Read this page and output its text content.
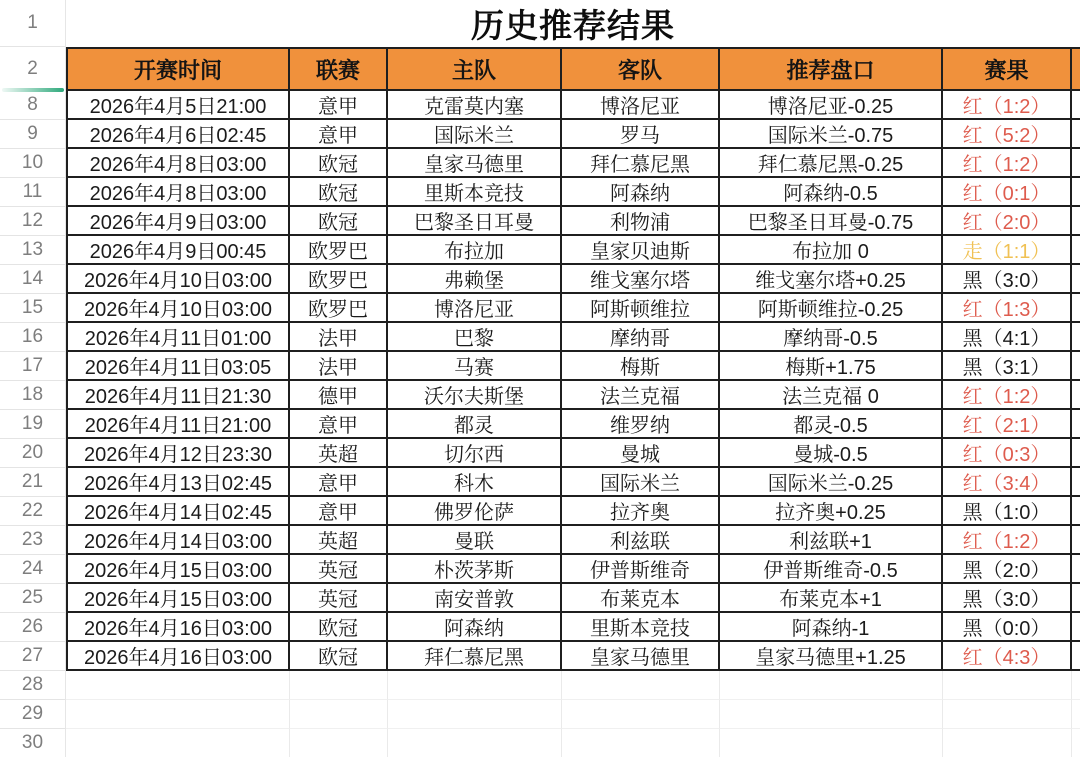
1
2
8
9
10
11
12
13
14
15
16
17
18
19
20
21
22
23
24
25
26
27
28
29
30
历史推荐结果
开赛时间	联赛	主队	客队	推荐盘口	赛果
2026年4月5日21:00	意甲	克雷莫内塞	博洛尼亚	博洛尼亚-0.25	红（1:2）
2026年4月6日02:45	意甲	国际米兰	罗马	国际米兰-0.75	红（5:2）
2026年4月8日03:00	欧冠	皇家马德里	拜仁慕尼黑	拜仁慕尼黑-0.25	红（1:2）
2026年4月8日03:00	欧冠	里斯本竞技	阿森纳	阿森纳-0.5	红（0:1）
2026年4月9日03:00	欧冠	巴黎圣日耳曼	利物浦	巴黎圣日耳曼-0.75	红（2:0）
2026年4月9日00:45	欧罗巴	布拉加	皇家贝迪斯	布拉加 0	走（1:1）
2026年4月10日03:00	欧罗巴	弗赖堡	维戈塞尔塔	维戈塞尔塔+0.25	黑（3:0）
2026年4月10日03:00	欧罗巴	博洛尼亚	阿斯顿维拉	阿斯顿维拉-0.25	红（1:3）
2026年4月11日01:00	法甲	巴黎	摩纳哥	摩纳哥-0.5	黑（4:1）
2026年4月11日03:05	法甲	马赛	梅斯	梅斯+1.75	黑（3:1）
2026年4月11日21:30	德甲	沃尔夫斯堡	法兰克福	法兰克福 0	红（1:2）
2026年4月11日21:00	意甲	都灵	维罗纳	都灵-0.5	红（2:1）
2026年4月12日23:30	英超	切尔西	曼城	曼城-0.5	红（0:3）
2026年4月13日02:45	意甲	科木	国际米兰	国际米兰-0.25	红（3:4）
2026年4月14日02:45	意甲	佛罗伦萨	拉齐奥	拉齐奥+0.25	黑（1:0）
2026年4月14日03:00	英超	曼联	利兹联	利兹联+1	红（1:2）
2026年4月15日03:00	英冠	朴茨茅斯	伊普斯维奇	伊普斯维奇-0.5	黑（2:0）
2026年4月15日03:00	英冠	南安普敦	布莱克本	布莱克本+1	黑（3:0）
2026年4月16日03:00	欧冠	阿森纳	里斯本竞技	阿森纳-1	黑（0:0）
2026年4月16日03:00	欧冠	拜仁慕尼黑	皇家马德里	皇家马德里+1.25	红（4:3）
